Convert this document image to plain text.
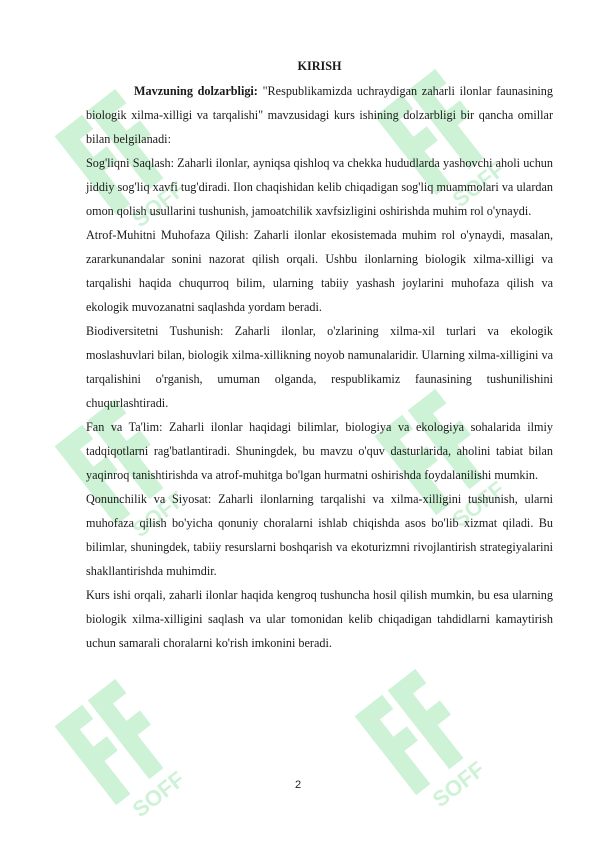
SOFF	SOFF
SOFF	SOFF
SOFF	SOFF
KIRISH

Mavzuning dolzarbligi: "Respublikamizda uchraydigan zaharli ilonlar faunasining biologik xilma-xilligi va tarqalishi" mavzusidagi kurs ishining dolzarbligi bir qancha omillar bilan belgilanadi:

Sog'liqni Saqlash: Zaharli ilonlar, ayniqsa qishloq va chekka hududlarda yashovchi aholi uchun jiddiy sog'liq xavfi tug'diradi. Ilon chaqishidan kelib chiqadigan sog'liq muammolari va ulardan omon qolish usullarini tushunish, jamoatchilik xavfsizligini oshirishda muhim rol o'ynaydi.

Atrof-Muhitni Muhofaza Qilish: Zaharli ilonlar ekosistemada muhim rol o'ynaydi, masalan, zararkunandalar sonini nazorat qilish orqali. Ushbu ilonlarning biologik xilma-xilligi va tarqalishi haqida chuqurroq bilim, ularning tabiiy yashash joylarini muhofaza qilish va ekologik muvozanatni saqlashda yordam beradi.

Biodiversitetni Tushunish: Zaharli ilonlar, o'zlarining xilma-xil turlari va ekologik moslashuvlari bilan, biologik xilma-xillikning noyob namunalaridir. Ularning xilma-xilligini va tarqalishini o'rganish, umuman olganda, respublikamiz faunasining tushunilishini chuqurlashtiradi.

Fan va Ta'lim: Zaharli ilonlar haqidagi bilimlar, biologiya va ekologiya sohalarida ilmiy tadqiqotlarni rag'batlantiradi. Shuningdek, bu mavzu o'quv dasturlarida, aholini tabiat bilan yaqinroq tanishtirishda va atrof-muhitga bo'lgan hurmatni oshirishda foydalanilishi mumkin.

Qonunchilik va Siyosat: Zaharli ilonlarning tarqalishi va xilma-xilligini tushunish, ularni muhofaza qilish bo'yicha qonuniy choralarni ishlab chiqishda asos bo'lib xizmat qiladi. Bu bilimlar, shuningdek, tabiiy resurslarni boshqarish va ekoturizmni rivojlantirish strategiyalarini shakllantirishda muhimdir.

Kurs ishi orqali, zaharli ilonlar haqida kengroq tushuncha hosil qilish mumkin, bu esa ularning biologik xilma-xilligini saqlash va ular tomonidan kelib chiqadigan tahdidlarni kamaytirish uchun samarali choralarni ko'rish imkonini beradi.

2
